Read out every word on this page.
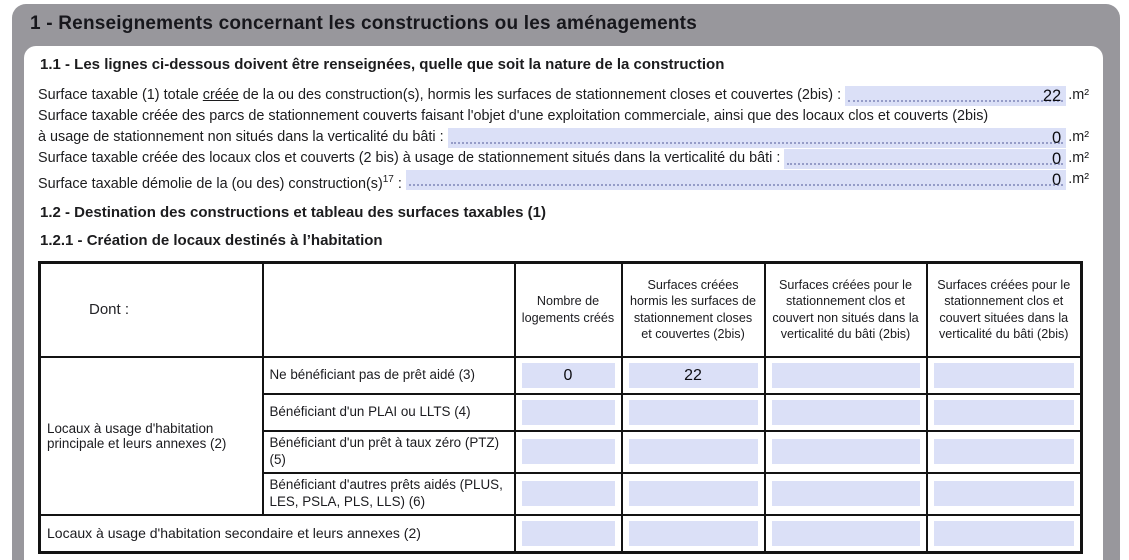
1 - Renseignements concernant les constructions ou les aménagements
1.1 - Les lignes ci-dessous doivent être renseignées, quelle que soit la nature de la construction
Surface taxable (1) totale créée de la ou des construction(s), hormis les surfaces de stationnement closes et couvertes (2bis) :	22 .m²
Surface taxable créée des parcs de stationnement couverts faisant l'objet d'une exploitation commerciale, ainsi que des locaux clos et couverts (2bis)
à usage de stationnement non situés dans la verticalité du bâti :	0 .m²
Surface taxable créée des locaux clos et couverts (2 bis) à usage de stationnement situés dans la verticalité du bâti :	0 .m²
Surface taxable démolie de la (ou des) $construction(s)^{17}$ :	0 .m²
1.2 - Destination des constructions et tableau des surfaces taxables (1)
1.2.1 - Création de locaux destinés à l’habitation
Dont :		Nombre de logements créés	Surfaces créées hormis les surfaces de stationnement closes et couvertes (2bis)	Surfaces créées pour le stationnement clos et couvert non situés dans la verticalité du bâti (2bis)	Surfaces créées pour le stationnement clos et couvert situées dans la verticalité du bâti (2bis)
Locaux à usage d'habitation principale et leurs annexes (2)	Ne bénéficiant pas de prêt aidé (3)	0	22		

	Bénéficiant d'un PLAI ou LLTS (4)	

	Bénéficiant d'un prêt à taux zéro (PTZ) (5)	

	Bénéficiant d'autres prêts aidés (PLUS, LES, PSLA, PLS, LLS) (6)	

Locaux à usage d'habitation secondaire et leurs annexes (2)		
